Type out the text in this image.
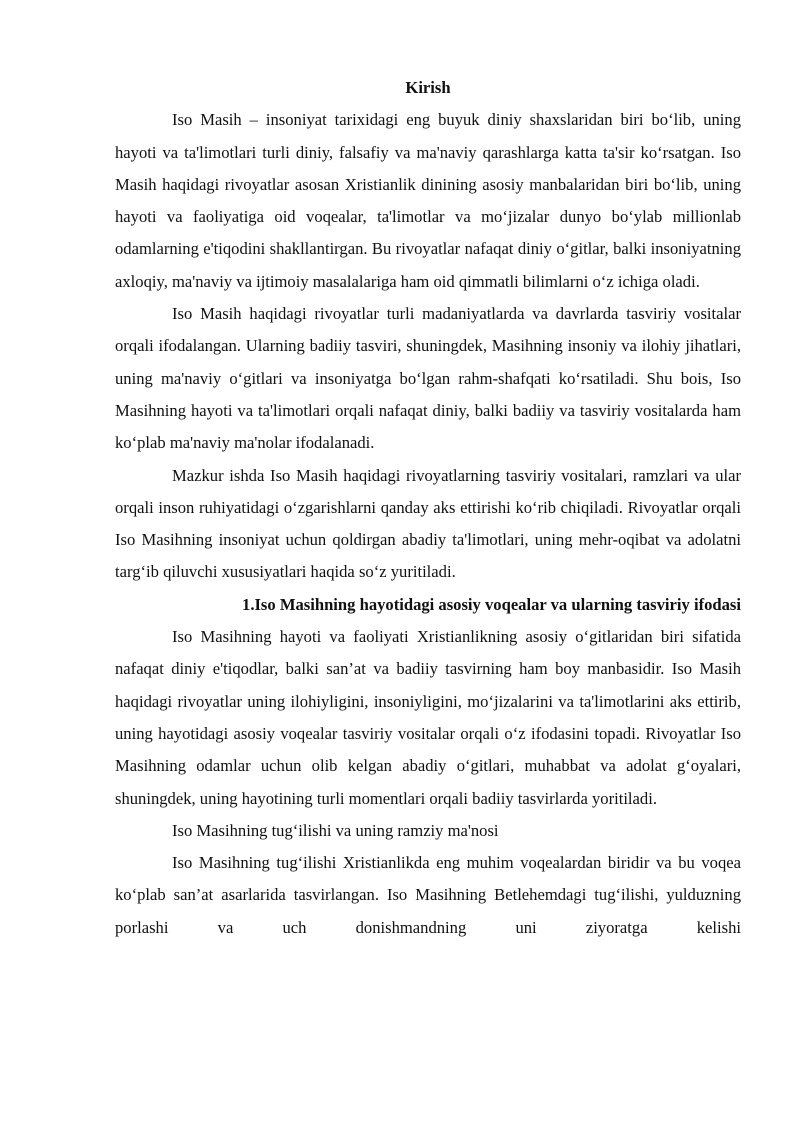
Kirish

Iso Masih – insoniyat tarixidagi eng buyuk diniy shaxslaridan biri bo‘lib, uning hayoti va ta'limotlari turli diniy, falsafiy va ma'naviy qarashlarga katta ta'sir ko‘rsatgan. Iso Masih haqidagi rivoyatlar asosan Xristianlik dinining asosiy manbalaridan biri bo‘lib, uning hayoti va faoliyatiga oid voqealar, ta'limotlar va mo‘jizalar dunyo bo‘ylab millionlab odamlarning e'tiqodini shakllantirgan. Bu rivoyatlar nafaqat diniy o‘gitlar, balki insoniyatning axloqiy, ma'naviy va ijtimoiy masalalariga ham oid qimmatli bilimlarni o‘z ichiga oladi.

Iso Masih haqidagi rivoyatlar turli madaniyatlarda va davrlarda tasviriy vositalar orqali ifodalangan. Ularning badiiy tasviri, shuningdek, Masihning insoniy va ilohiy jihatlari, uning ma'naviy o‘gitlari va insoniyatga bo‘lgan rahm-shafqati ko‘rsatiladi. Shu bois, Iso Masihning hayoti va ta'limotlari orqali nafaqat diniy, balki badiiy va tasviriy vositalarda ham ko‘plab ma'naviy ma'nolar ifodalanadi.

Mazkur ishda Iso Masih haqidagi rivoyatlarning tasviriy vositalari, ramzlari va ular orqali inson ruhiyatidagi o‘zgarishlarni qanday aks ettirishi ko‘rib chiqiladi. Rivoyatlar orqali Iso Masihning insoniyat uchun qoldirgan abadiy ta'limotlari, uning mehr-oqibat va adolatni targ‘ib qiluvchi xususiyatlari haqida so‘z yuritiladi.

1.Iso Masihning hayotidagi asosiy voqealar va ularning tasviriy ifodasi

Iso Masihning hayoti va faoliyati Xristianlikning asosiy o‘gitlaridan biri sifatida nafaqat diniy e'tiqodlar, balki san’at va badiiy tasvirning ham boy manbasidir. Iso Masih haqidagi rivoyatlar uning ilohiyligini, insoniyligini, mo‘jizalarini va ta'limotlarini aks ettirib, uning hayotidagi asosiy voqealar tasviriy vositalar orqali o‘z ifodasini topadi. Rivoyatlar Iso Masihning odamlar uchun olib kelgan abadiy o‘gitlari, muhabbat va adolat g‘oyalari, shuningdek, uning hayotining turli momentlari orqali badiiy tasvirlarda yoritiladi.

Iso Masihning tug‘ilishi va uning ramziy ma'nosi

Iso Masihning tug‘ilishi Xristianlikda eng muhim voqealardan biridir va bu voqea ko‘plab san’at asarlarida tasvirlangan. Iso Masihning Betlehemdagi tug‘ilishi, yulduzning porlashi va uch donishmandning uni ziyoratga kelishi
